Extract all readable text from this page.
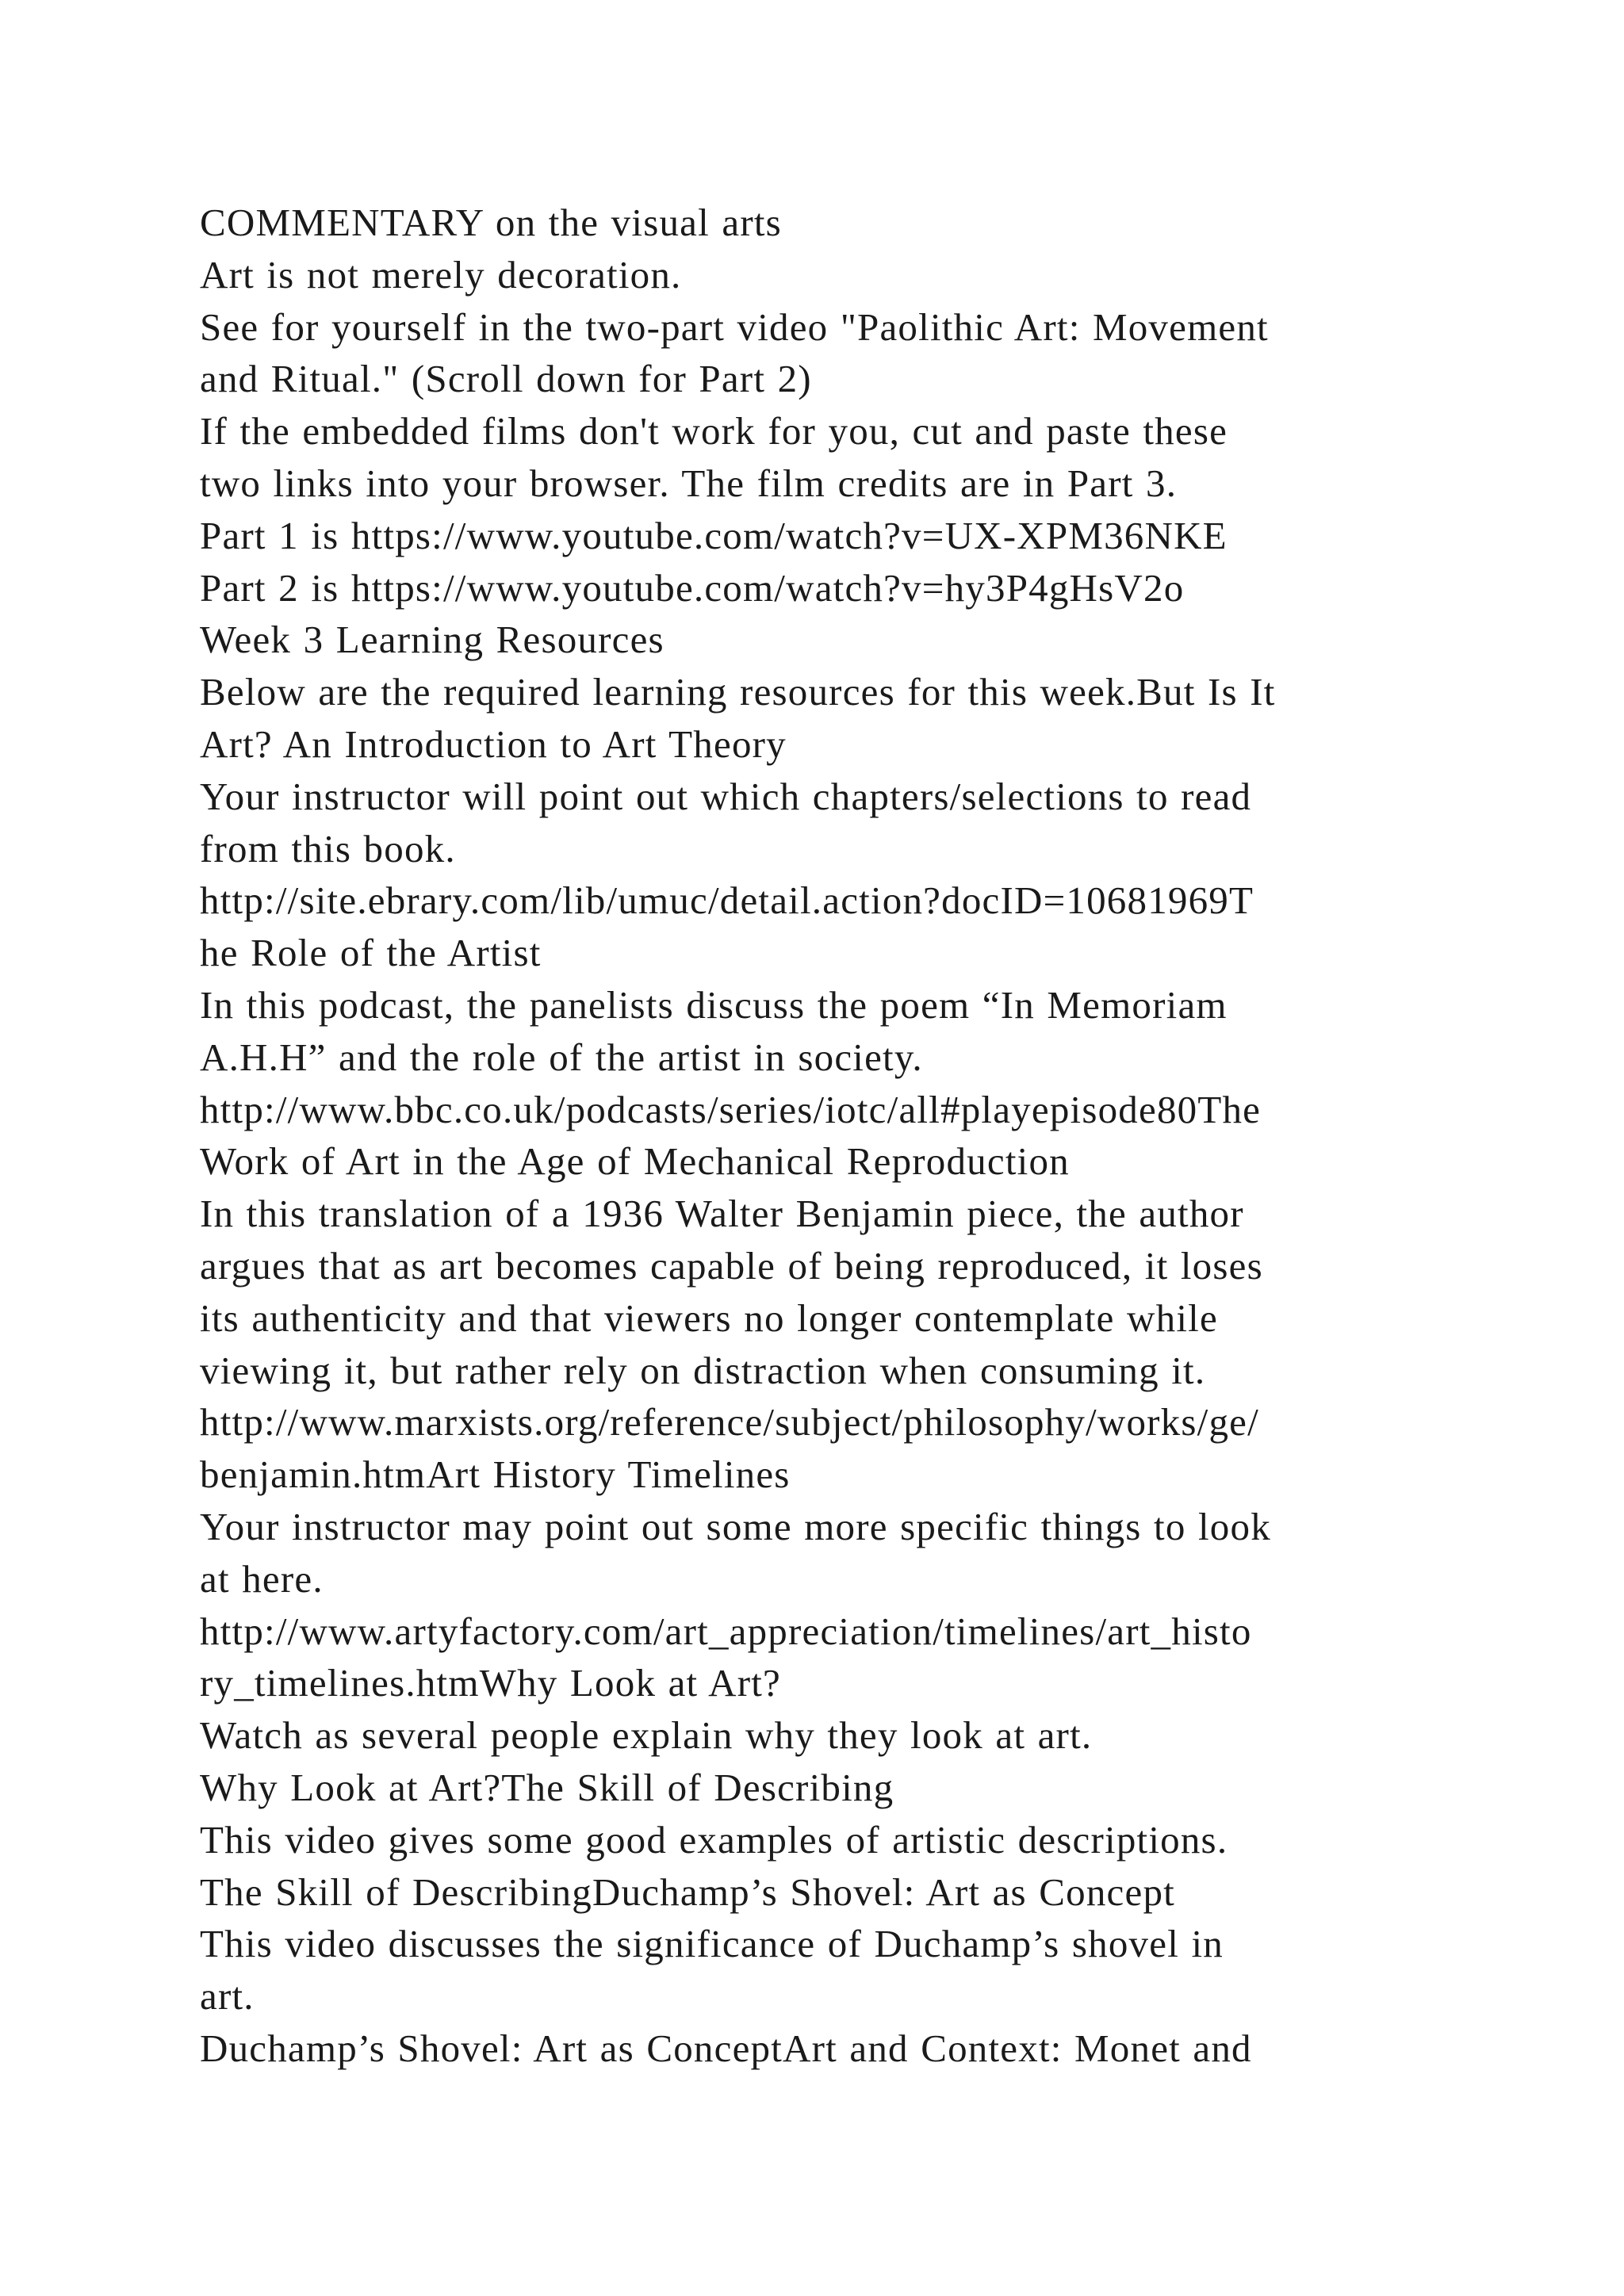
COMMENTARY on the visual arts
Art is not merely decoration.
See for yourself in the two-part video "Paolithic Art: Movement
and Ritual." (Scroll down for Part 2)
If the embedded films don't work for you, cut and paste these
two links into your browser. The film credits are in Part 3.
Part 1 is https://www.youtube.com/watch?v=UX-XPM36NKE
Part 2 is https://www.youtube.com/watch?v=hy3P4gHsV2o
Week 3 Learning Resources
Below are the required learning resources for this week.But Is It
Art? An Introduction to Art Theory
Your instructor will point out which chapters/selections to read
from this book.
http://site.ebrary.com/lib/umuc/detail.action?docID=10681969T
he Role of the Artist
In this podcast, the panelists discuss the poem “In Memoriam
A.H.H” and the role of the artist in society.
http://www.bbc.co.uk/podcasts/series/iotc/all#playepisode80The
Work of Art in the Age of Mechanical Reproduction
In this translation of a 1936 Walter Benjamin piece, the author
argues that as art becomes capable of being reproduced, it loses
its authenticity and that viewers no longer contemplate while
viewing it, but rather rely on distraction when consuming it.
http://www.marxists.org/reference/subject/philosophy/works/ge/
benjamin.htmArt History Timelines
Your instructor may point out some more specific things to look
at here.
http://www.artyfactory.com/art_appreciation/timelines/art_histo
ry_timelines.htmWhy Look at Art?
Watch as several people explain why they look at art.
Why Look at Art?The Skill of Describing
This video gives some good examples of artistic descriptions.
The Skill of DescribingDuchamp’s Shovel: Art as Concept
This video discusses the significance of Duchamp’s shovel in
art.
Duchamp’s Shovel: Art as ConceptArt and Context: Monet and
